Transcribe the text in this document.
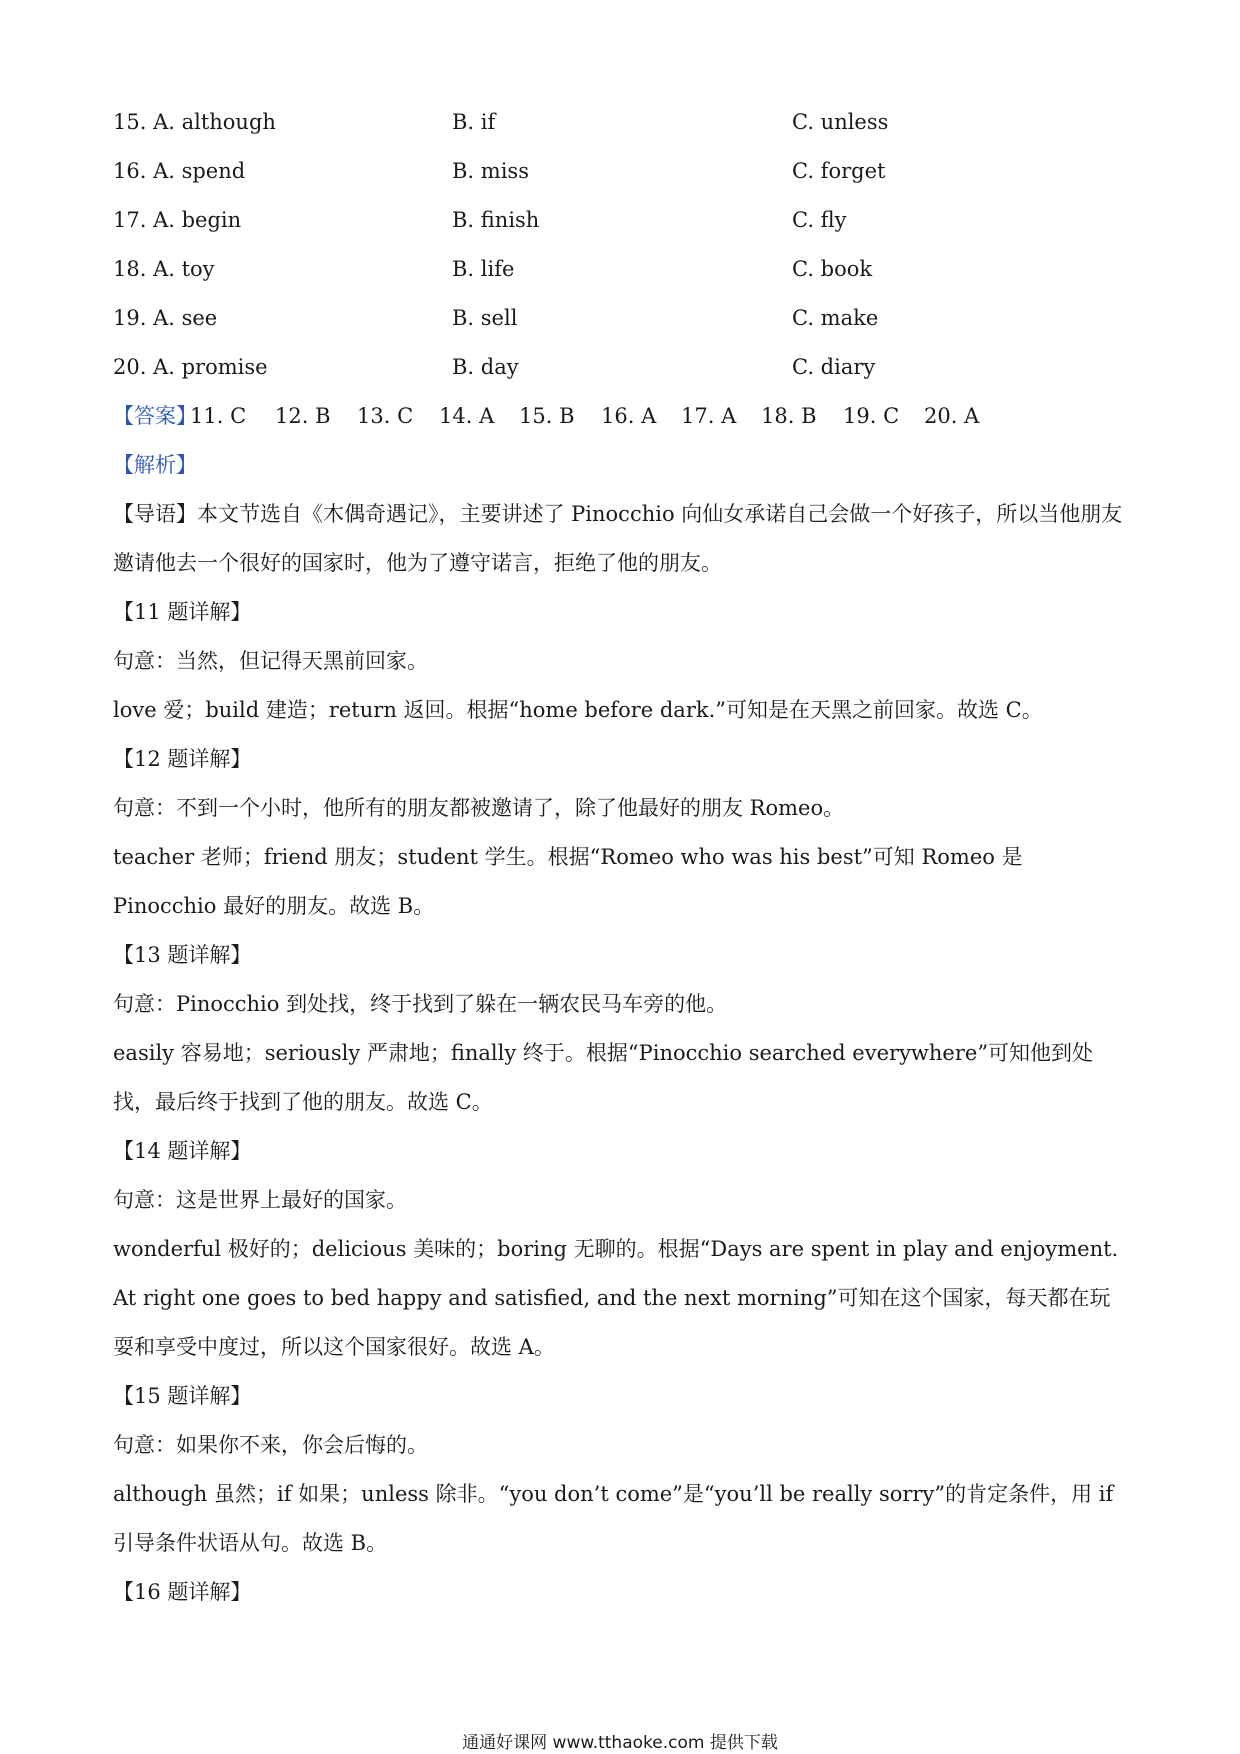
15. A. although	B. if	C. unless
16. A. spend	B. miss	C. forget
17. A. begin	B. finish	C. fly
18. A. toy	B. life	C. book
19. A. see	B. sell	C. make
20. A. promise	B. day	C. diary
【答案】
11. C 12. B 13. C 14. A 15. B 16. A 17. A 18. B 19. C 20. A
【解析】

【导语】本文节选自《木偶奇遇记》，主要讲述了 Pinocchio 向仙女承诺自己会做一个好孩子，所以当他朋友邀请他去一个很好的国家时，他为了遵守诺言，拒绝了他的朋友。

【11 题详解】

句意：当然，但记得天黑前回家。

love 爱；build 建造；return 返回。根据“home before dark.”可知是在天黑之前回家。故选 C。

【12 题详解】

句意：不到一个小时，他所有的朋友都被邀请了，除了他最好的朋友 Romeo。

teacher 老师；friend 朋友；student 学生。根据“Romeo who was his best”可知 Romeo 是 Pinocchio 最好的朋友。故选 B。

【13 题详解】

句意：Pinocchio 到处找，终于找到了躲在一辆农民马车旁的他。

easily 容易地；seriously 严肃地；finally 终于。根据“Pinocchio searched everywhere”可知他到处找，最后终于找到了他的朋友。故选 C。

【14 题详解】

句意：这是世界上最好的国家。

wonderful 极好的；delicious 美味的；boring 无聊的。根据“Days are spent in play and enjoyment. At right one goes to bed happy and satisfied, and the next morning”可知在这个国家，每天都在玩耍和享受中度过，所以这个国家很好。故选 A。

【15 题详解】

句意：如果你不来，你会后悔的。

although 虽然；if 如果；unless 除非。“you don’t come”是“you’ll be really sorry”的肯定条件，用 if 引导条件状语从句。故选 B。

【16 题详解】
通通好课网 www.tthaoke.com 提供下载
